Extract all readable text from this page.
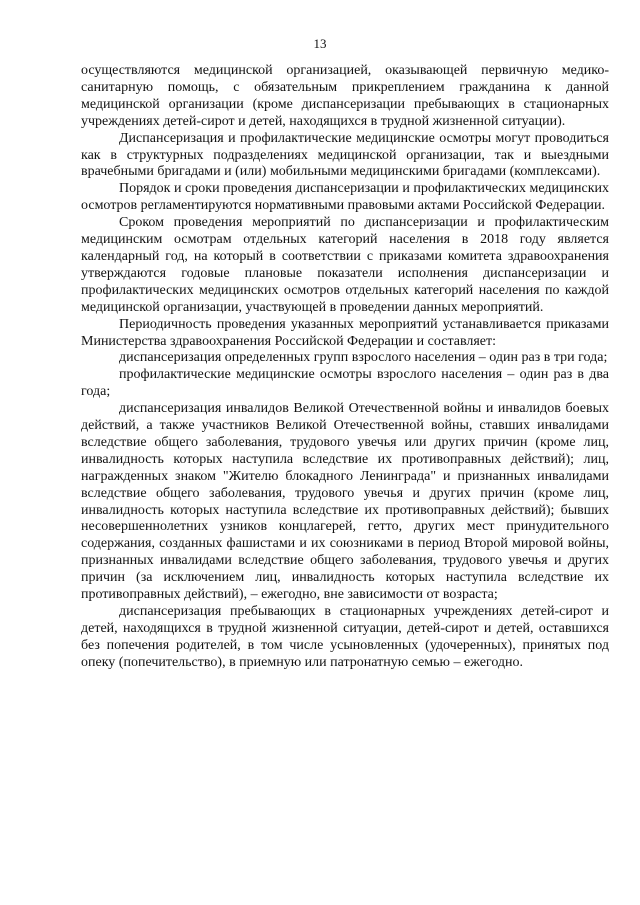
13

осуществляются медицинской организацией, оказывающей первичную медико-санитарную помощь, с обязательным прикреплением гражданина к данной медицинской организации (кроме диспансеризации пребывающих в стационарных учреждениях детей-сирот и детей, находящихся в трудной жизненной ситуации).

Диспансеризация и профилактические медицинские осмотры могут проводиться как в структурных подразделениях медицинской организации, так и выездными врачебными бригадами и (или) мобильными медицинскими бригадами (комплексами).

Порядок и сроки проведения диспансеризации и профилактических медицинских осмотров регламентируются нормативными правовыми актами Российской Федерации.

Сроком проведения мероприятий по диспансеризации и профилактическим медицинским осмотрам отдельных категорий населения в 2018 году является календарный год, на который в соответствии с приказами комитета здравоохранения утверждаются годовые плановые показатели исполнения диспансеризации и профилактических медицинских осмотров отдельных категорий населения по каждой медицинской организации, участвующей в проведении данных мероприятий.

Периодичность проведения указанных мероприятий устанавливается приказами Министерства здравоохранения Российской Федерации и составляет:

диспансеризация определенных групп взрослого населения – один раз в три года;

профилактические медицинские осмотры взрослого населения – один раз в два года;

диспансеризация инвалидов Великой Отечественной войны и инвалидов боевых действий, а также участников Великой Отечественной войны, ставших инвалидами вследствие общего заболевания, трудового увечья или других причин (кроме лиц, инвалидность которых наступила вследствие их противоправных действий); лиц, награжденных знаком "Жителю блокадного Ленинграда" и признанных инвалидами вследствие общего заболевания, трудового увечья и других причин (кроме лиц, инвалидность которых наступила вследствие их противоправных действий); бывших несовершеннолетних узников концлагерей, гетто, других мест принудительного содержания, созданных фашистами и их союзниками в период Второй мировой войны, признанных инвалидами вследствие общего заболевания, трудового увечья и других причин (за исключением лиц, инвалидность которых наступила вследствие их противоправных действий), – ежегодно, вне зависимости от возраста;

диспансеризация пребывающих в стационарных учреждениях детей-сирот и детей, находящихся в трудной жизненной ситуации, детей-сирот и детей, оставшихся без попечения родителей, в том числе усыновленных (удочеренных), принятых под опеку (попечительство), в приемную или патронатную семью – ежегодно.
